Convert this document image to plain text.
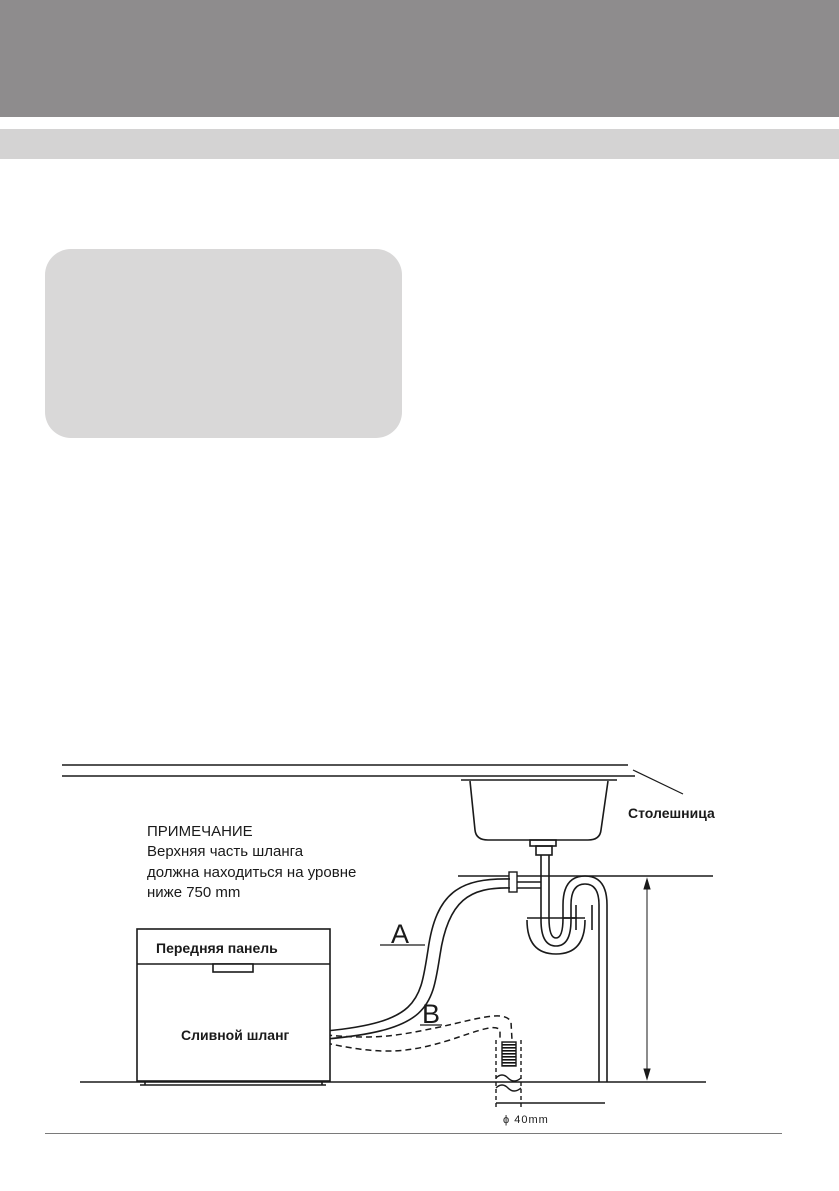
Столешница
A
B
ϕ 40mm
Передняя панель
Сливной шланг
ПРИМЕЧАНИЕ
Верхняя часть шланга
должна находиться на уровне
ниже 750 mm
